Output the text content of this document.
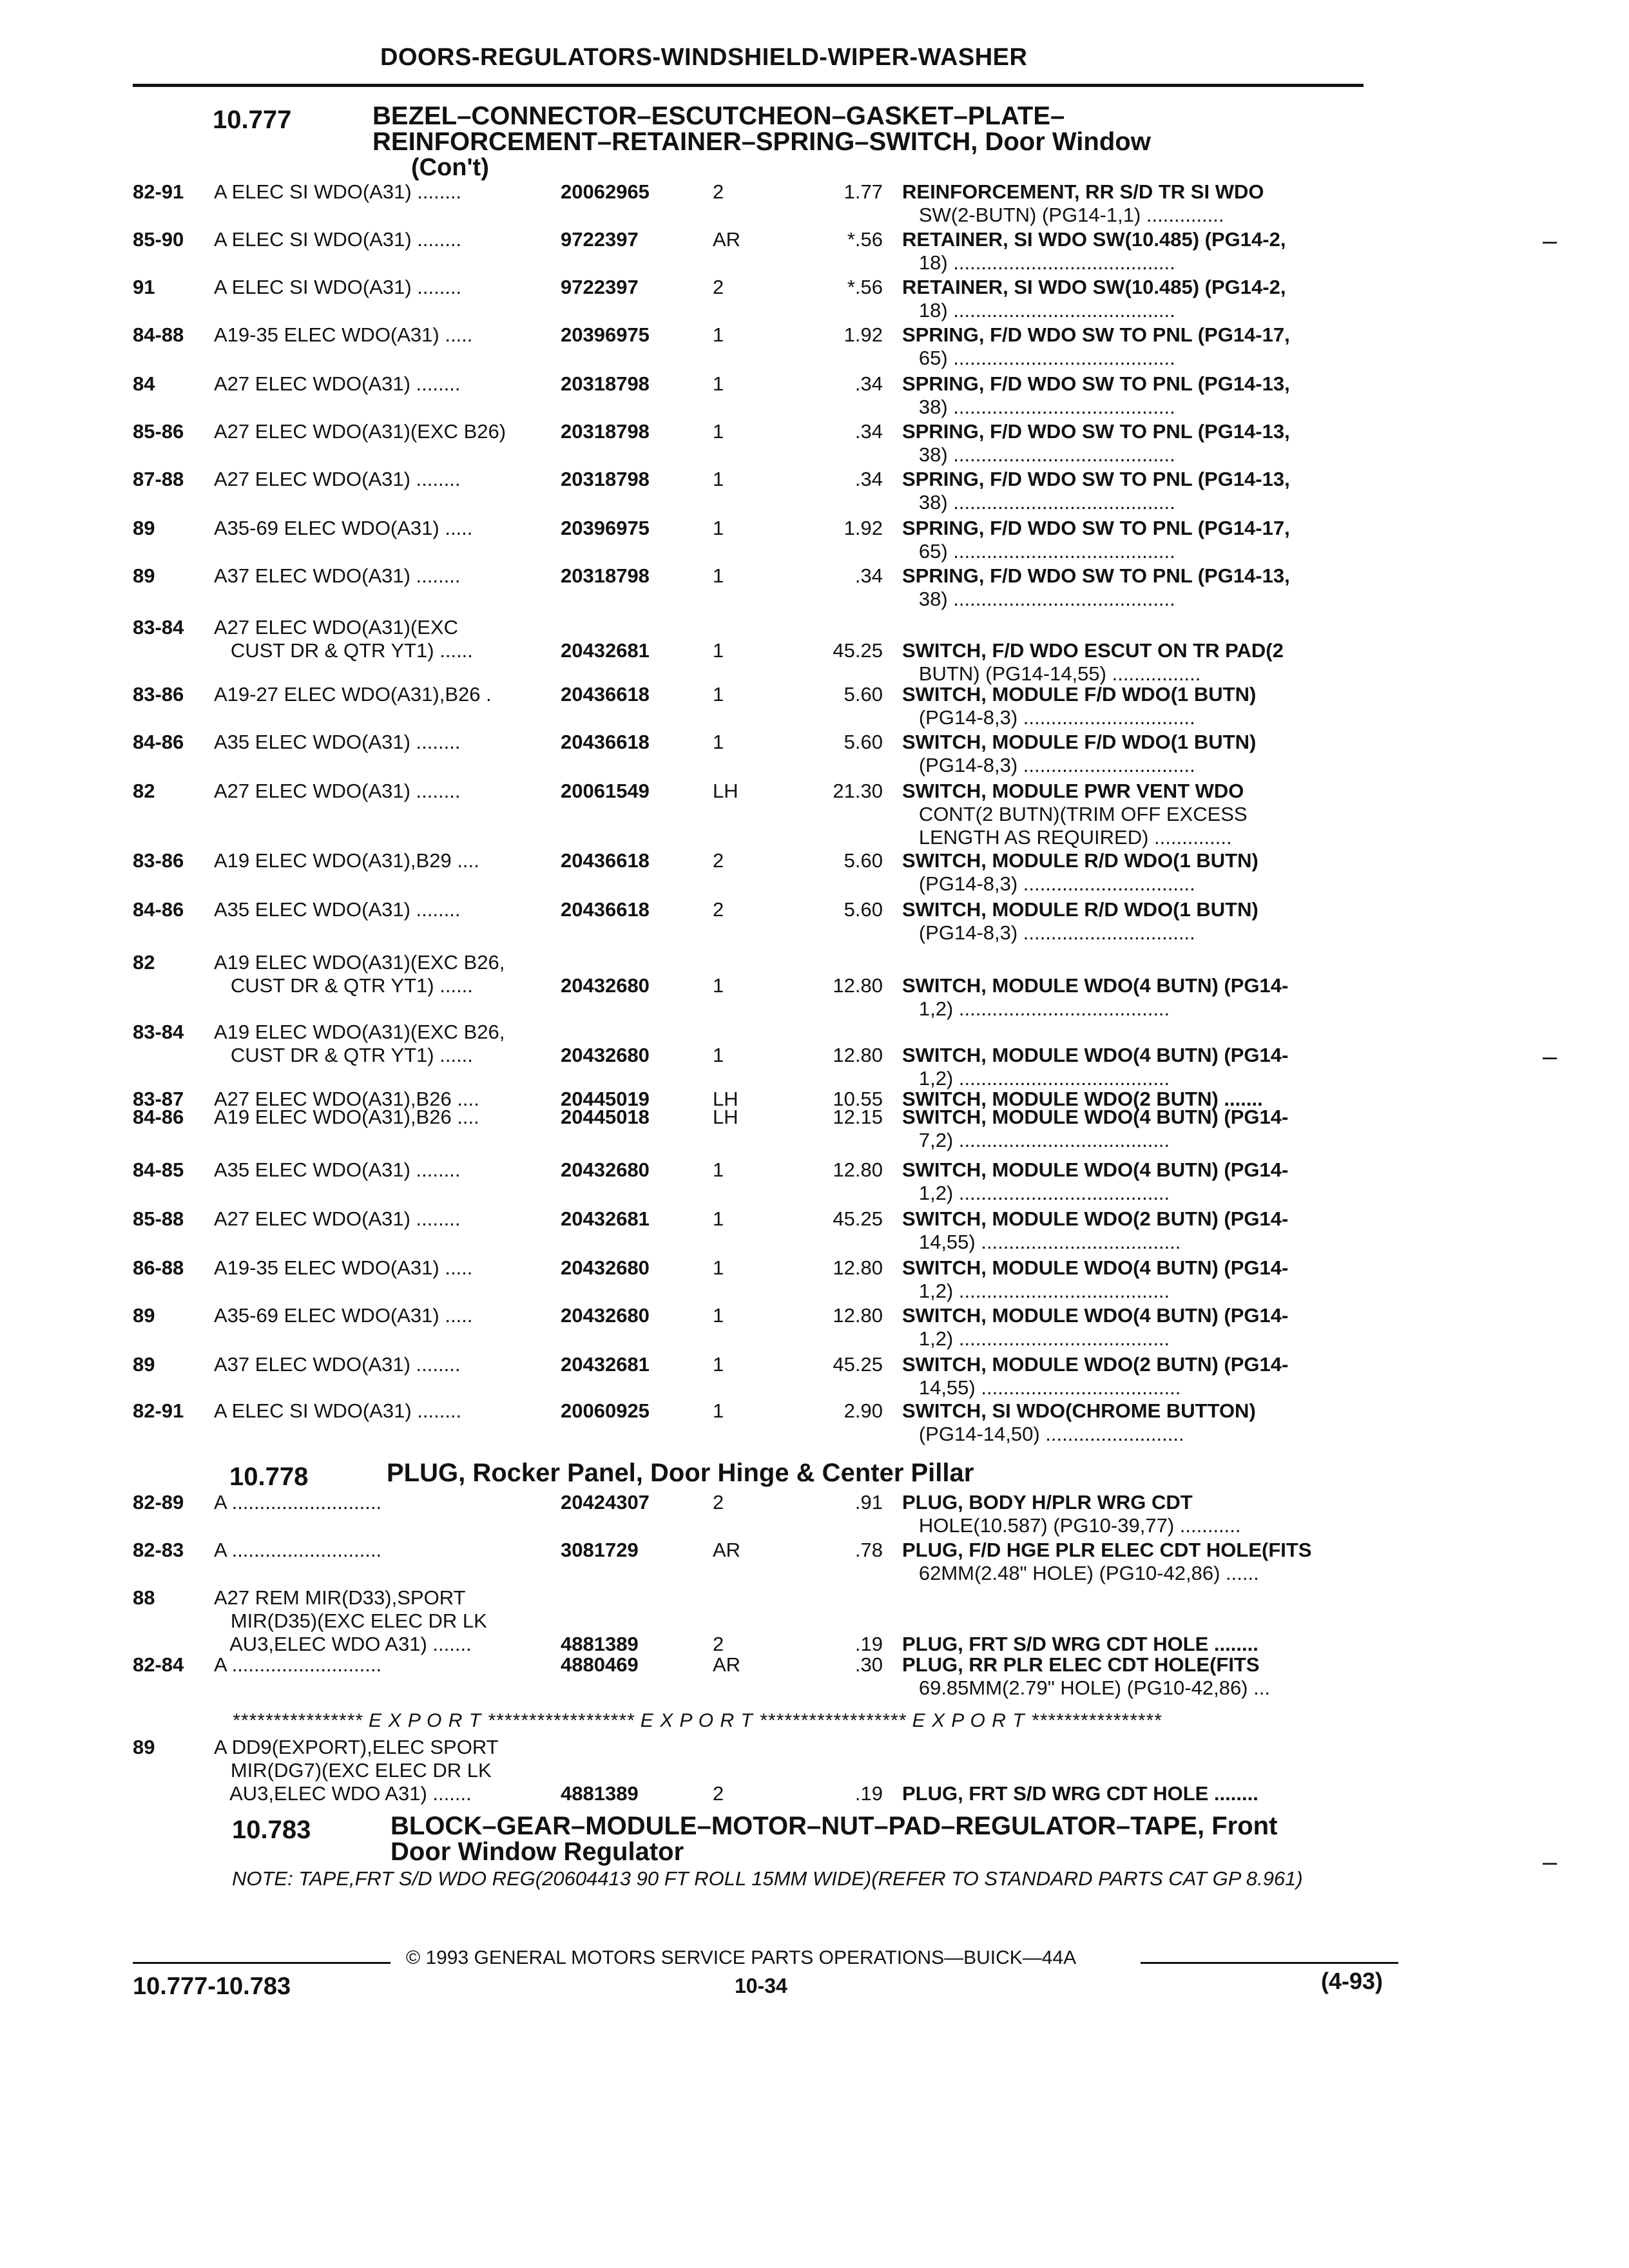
DOORS-REGULATORS-WINDSHIELD-WIPER-WASHER
10.777	BEZEL–CONNECTOR–ESCUTCHEON–GASKET–PLATE–
REINFORCEMENT–RETAINER–SPRING–SWITCH, Door Window
(Con't)
10.778	PLUG, Rocker Panel, Door Hinge & Center Pillar
10.783	BLOCK–GEAR–MODULE–MOTOR–NUT–PAD–REGULATOR–TAPE, Front
Door Window Regulator
82-91 A ELEC SI WDO(A31) ........	20062965	2	1.77 REINFORCEMENT, RR S/D TR SI WDO
SW(2-BUTN) (PG14-1,1) ..............
85-90 A ELEC SI WDO(A31) ........	9722397	AR	*.56 RETAINER, SI WDO SW(10.485) (PG14-2,
18) ........................................
91	A ELEC SI WDO(A31) ........	9722397	2	*.56 RETAINER, SI WDO SW(10.485) (PG14-2,
18) ........................................
84-88 A19-35 ELEC WDO(A31) .....	20396975	1	1.92 SPRING, F/D WDO SW TO PNL (PG14-17,
65) ........................................
84	A27 ELEC WDO(A31) ........	20318798	1	.34 SPRING, F/D WDO SW TO PNL (PG14-13,
38) ........................................
85-86 A27 ELEC WDO(A31)(EXC B26)	20318798	1	.34 SPRING, F/D WDO SW TO PNL (PG14-13,
38) ........................................
87-88 A27 ELEC WDO(A31) ........	20318798	1	.34 SPRING, F/D WDO SW TO PNL (PG14-13,
38) ........................................
89	A35-69 ELEC WDO(A31) .....	20396975	1	1.92 SPRING, F/D WDO SW TO PNL (PG14-17,
65) ........................................
89	A37 ELEC WDO(A31) ........	20318798	1	.34 SPRING, F/D WDO SW TO PNL (PG14-13,
38) ........................................
83-84 A27 ELEC WDO(A31)(EXC
CUST DR & QTR YT1) ......	20432681	1	45.25 SWITCH, F/D WDO ESCUT ON TR PAD(2
BUTN) (PG14-14,55) ................
83-86 A19-27 ELEC WDO(A31),B26 .	20436618	1	5.60 SWITCH, MODULE F/D WDO(1 BUTN)
(PG14-8,3) ...............................
84-86 A35 ELEC WDO(A31) ........	20436618	1	5.60 SWITCH, MODULE F/D WDO(1 BUTN)
(PG14-8,3) ...............................
82	A27 ELEC WDO(A31) ........	20061549	LH	21.30 SWITCH, MODULE PWR VENT WDO
CONT(2 BUTN)(TRIM OFF EXCESS
LENGTH AS REQUIRED) ..............
83-86 A19 ELEC WDO(A31),B29 ....	20436618	2	5.60 SWITCH, MODULE R/D WDO(1 BUTN)
(PG14-8,3) ...............................
84-86 A35 ELEC WDO(A31) ........	20436618	2	5.60 SWITCH, MODULE R/D WDO(1 BUTN)
(PG14-8,3) ...............................
82	A19 ELEC WDO(A31)(EXC B26,
CUST DR & QTR YT1) ......	20432680	1	12.80 SWITCH, MODULE WDO(4 BUTN) (PG14-
1,2) ......................................
83-84 A19 ELEC WDO(A31)(EXC B26,
CUST DR & QTR YT1) ......	20432680	1	12.80 SWITCH, MODULE WDO(4 BUTN) (PG14-
1,2) ......................................
83-87 A27 ELEC WDO(A31),B26 ....	20445019	LH	10.55 SWITCH, MODULE WDO(2 BUTN) .......
84-86 A19 ELEC WDO(A31),B26 ....	20445018	LH	12.15 SWITCH, MODULE WDO(4 BUTN) (PG14-
7,2) ......................................
84-85 A35 ELEC WDO(A31) ........	20432680	1	12.80 SWITCH, MODULE WDO(4 BUTN) (PG14-
1,2) ......................................
85-88 A27 ELEC WDO(A31) ........	20432681	1	45.25 SWITCH, MODULE WDO(2 BUTN) (PG14-
14,55) ....................................
86-88 A19-35 ELEC WDO(A31) .....	20432680	1	12.80 SWITCH, MODULE WDO(4 BUTN) (PG14-
1,2) ......................................
89	A35-69 ELEC WDO(A31) .....	20432680	1	12.80 SWITCH, MODULE WDO(4 BUTN) (PG14-
1,2) ......................................
89	A37 ELEC WDO(A31) ........	20432681	1	45.25 SWITCH, MODULE WDO(2 BUTN) (PG14-
14,55) ....................................
82-91 A ELEC SI WDO(A31) ........	20060925	1	2.90 SWITCH, SI WDO(CHROME BUTTON)
(PG14-14,50) .........................
82-89 A ...........................	20424307	2	.91 PLUG, BODY H/PLR WRG CDT
HOLE(10.587) (PG10-39,77) ...........
82-83 A ...........................	3081729	AR	.78 PLUG, F/D HGE PLR ELEC CDT HOLE(FITS
62MM(2.48" HOLE) (PG10-42,86) ......
88	A27 REM MIR(D33),SPORT
MIR(D35)(EXC ELEC DR LK
AU3,ELEC WDO A31) .......	4881389	2	.19 PLUG, FRT S/D WRG CDT HOLE ........
82-84 A ...........................	4880469	AR	.30 PLUG, RR PLR ELEC CDT HOLE(FITS
69.85MM(2.79" HOLE) (PG10-42,86) ...
89	A DD9(EXPORT),ELEC SPORT
MIR(DG7)(EXC ELEC DR LK
AU3,ELEC WDO A31) .......	4881389	2	.19 PLUG, FRT S/D WRG CDT HOLE ........
**************** E X P O R T ****************** E X P O R T ****************** E X P O R T ****************
NOTE: TAPE,FRT S/D WDO REG(20604413 90 FT ROLL 15MM WIDE)(REFER TO STANDARD PARTS CAT GP 8.961)
© 1993 GENERAL MOTORS SERVICE PARTS OPERATIONS—BUICK—44A
10.777-10.783	10-34	(4-93)
–
–
–
